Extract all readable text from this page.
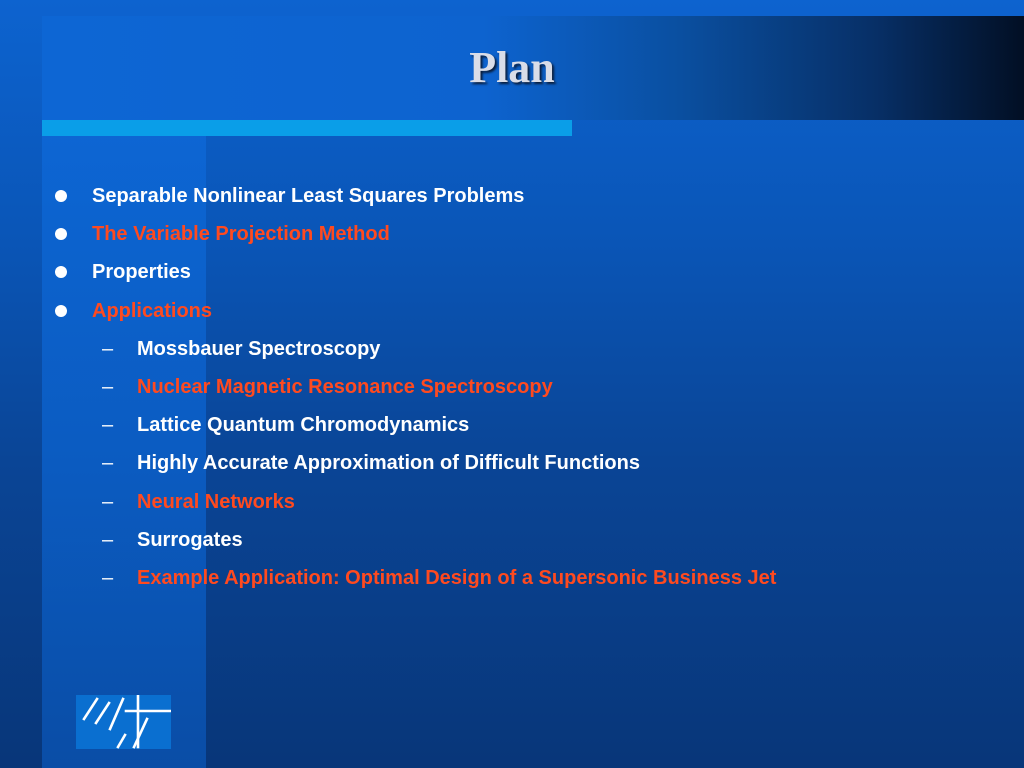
Plan
Separable Nonlinear Least Squares Problems
The Variable Projection Method
Properties
Applications
– Mossbauer Spectroscopy
– Nuclear Magnetic Resonance Spectroscopy
– Lattice Quantum Chromodynamics
– Highly Accurate Approximation of Difficult Functions
– Neural Networks
– Surrogates
– Example Application: Optimal Design of a Supersonic Business Jet
